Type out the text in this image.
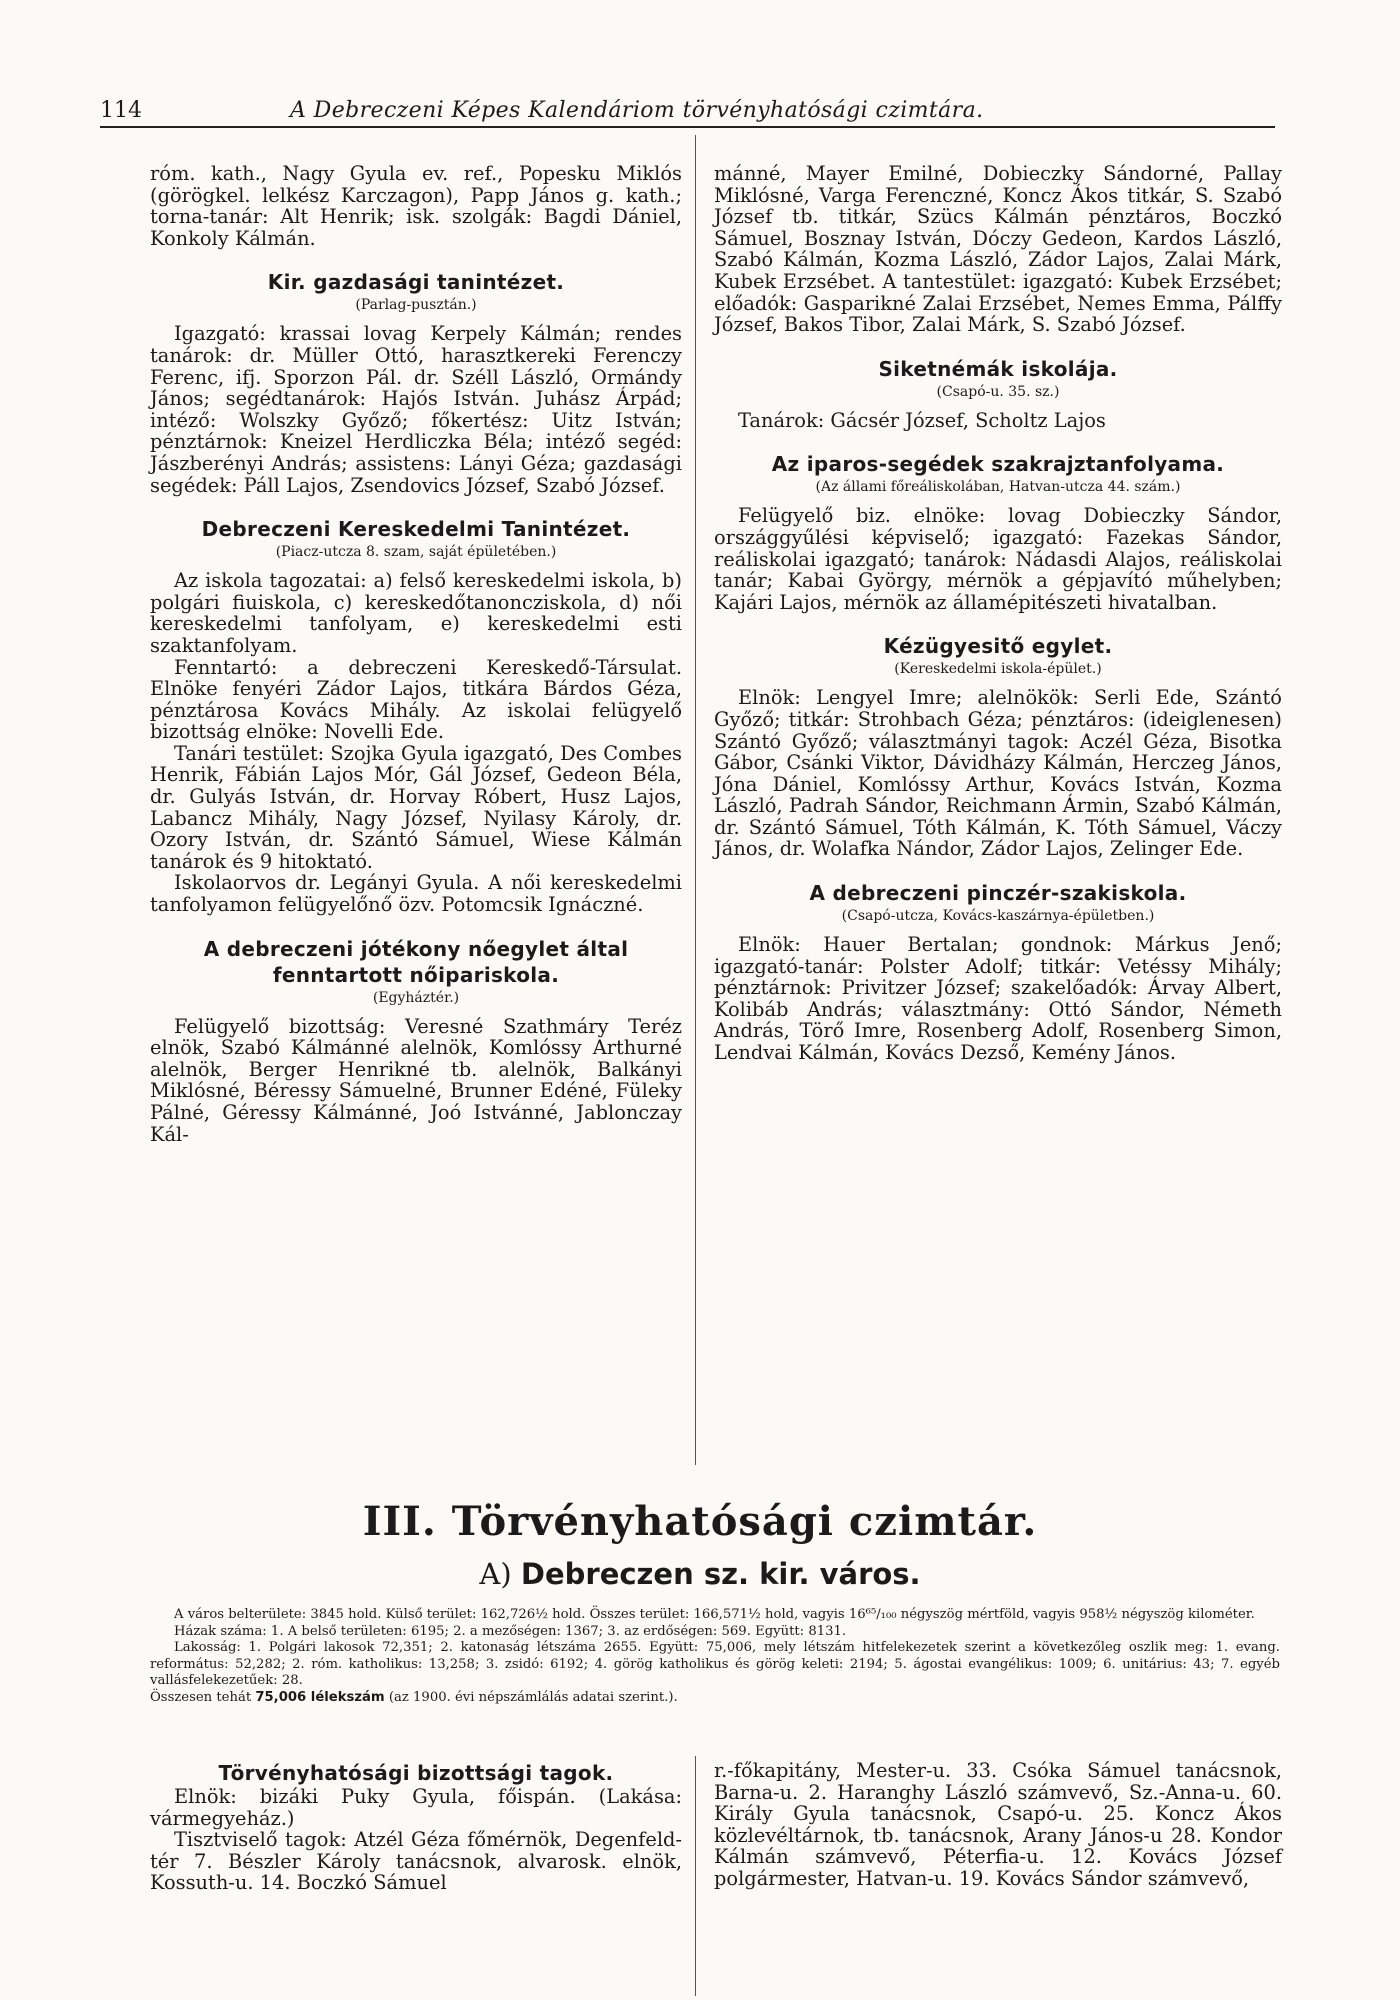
114	A Debreczeni Képes Kalendáriom törvényhatósági czimtára.

róm. kath., Nagy Gyula ev. ref., Popesku Miklós (görögkel. lelkész Karczagon), Papp János g. kath.; torna-tanár: Alt Henrik; isk. szolgák: Bagdi Dániel, Konkoly Kálmán.

Kir. gazdasági tanintézet.
(Parlag-pusztán.)

Igazgató: krassai lovag Kerpely Kálmán; rendes tanárok: dr. Müller Ottó, harasztkereki Ferenczy Ferenc, ifj. Sporzon Pál. dr. Széll László, Ormándy János; segédtanárok: Hajós István. Juhász Árpád; intéző: Wolszky Győző; főkertész: Uitz István; pénztárnok: Kneizel Herdliczka Béla; intéző segéd: Jászberényi András; assistens: Lányi Géza; gazdasági segédek: Páll Lajos, Zsendovics József, Szabó József.

Debreczeni Kereskedelmi Tanintézet.
(Piacz-utcza 8. szam, saját épületében.)

Az iskola tagozatai: a) felső kereskedelmi iskola, b) polgári fiuiskola, c) kereskedőtanoncziskola, d) női kereskedelmi tanfolyam, e) kereskedelmi esti szaktanfolyam.

Fenntartó: a debreczeni Kereskedő-Társulat. Elnöke fenyéri Zádor Lajos, titkára Bárdos Géza, pénztárosa Kovács Mihály. Az iskolai felügyelő bizottság elnöke: Novelli Ede.

Tanári testület: Szojka Gyula igazgató, Des Combes Henrik, Fábián Lajos Mór, Gál József, Gedeon Béla, dr. Gulyás István, dr. Horvay Róbert, Husz Lajos, Labancz Mihály, Nagy József, Nyilasy Károly, dr. Ozory István, dr. Szántó Sámuel, Wiese Kálmán tanárok és 9 hitoktató.

Iskolaorvos dr. Legányi Gyula. A női kereskedelmi tanfolyamon felügyelőnő özv. Potomcsik Ignáczné.

A debreczeni jótékony nőegylet által fenntartott nőipariskola.
(Egyháztér.)

Felügyelő bizottság: Veresné Szathmáry Teréz elnök, Szabó Kálmánné alelnök, Komlóssy Arthurné alelnök, Berger Henrikné tb. alelnök, Balkányi Miklósné, Béressy Sámuelné, Brunner Edéné, Füleky Pálné, Géressy Kálmánné, Joó Istvánné, Jablonczay Kál-

mánné, Mayer Emilné, Dobieczky Sándorné, Pallay Miklósné, Varga Ferenczné, Koncz Ákos titkár, S. Szabó József tb. titkár, Szücs Kálmán pénztáros, Boczkó Sámuel, Bosznay István, Dóczy Gedeon, Kardos László, Szabó Kálmán, Kozma László, Zádor Lajos, Zalai Márk, Kubek Erzsébet. A tantestület: igazgató: Kubek Erzsébet; előadók: Gasparikné Zalai Erzsébet, Nemes Emma, Pálffy József, Bakos Tibor, Zalai Márk, S. Szabó József.

Siketnémák iskolája.
(Csapó-u. 35. sz.)

Tanárok: Gácsér József, Scholtz Lajos

Az iparos-segédek szakrajztanfolyama.
(Az állami főreáliskolában, Hatvan-utcza 44. szám.)

Felügyelő biz. elnöke: lovag Dobieczky Sándor, országgyűlési képviselő; igazgató: Fazekas Sándor, reáliskolai igazgató; tanárok: Nádasdi Alajos, reáliskolai tanár; Kabai György, mérnök a gépjavító műhelyben; Kajári Lajos, mérnök az államépitészeti hivatalban.

Kézügyesitő egylet.
(Kereskedelmi iskola-épület.)

Elnök: Lengyel Imre; alelnökök: Serli Ede, Szántó Győző; titkár: Strohbach Géza; pénztáros: (ideiglenesen) Szántó Győző; választmányi tagok: Aczél Géza, Bisotka Gábor, Csánki Viktor, Dávidházy Kálmán, Herczeg János, Jóna Dániel, Komlóssy Arthur, Kovács István, Kozma László, Padrah Sándor, Reichmann Ármin, Szabó Kálmán, dr. Szántó Sámuel, Tóth Kálmán, K. Tóth Sámuel, Váczy János, dr. Wolafka Nándor, Zádor Lajos, Zelinger Ede.

A debreczeni pinczér-szakiskola.
(Csapó-utcza, Kovács-kaszárnya-épületben.)

Elnök: Hauer Bertalan; gondnok: Márkus Jenő; igazgató-tanár: Polster Adolf; titkár: Vetéssy Mihály; pénztárnok: Privitzer József; szakelőadók: Árvay Albert, Kolibáb András; választmány: Ottó Sándor, Németh András, Törő Imre, Rosenberg Adolf, Rosenberg Simon, Lendvai Kálmán, Kovács Dezső, Kemény János.

III. Törvényhatósági czimtár.
A) Debreczen sz. kir. város.

A város belterülete: 3845 hold. Külső terület: 162,726½ hold. Összes terület: 166,571½ hold, vagyis 16⁶⁵/₁₀₀ négyszög mértföld, vagyis 958½ négyszög kilométer.

Házak száma: 1. A belső területen: 6195; 2. a mezőségen: 1367; 3. az erdőségen: 569. Együtt: 8131.

Lakosság: 1. Polgári lakosok 72,351; 2. katonaság létszáma 2655. Együtt: 75,006, mely létszám hitfelekezetek szerint a következőleg oszlik meg: 1. evang. református: 52,282; 2. róm. katholikus: 13,258; 3. zsidó: 6192; 4. görög katholikus és görög keleti: 2194; 5. ágostai evangélikus: 1009; 6. unitárius: 43; 7. egyéb vallásfelekezetűek: 28.

Összesen tehát 75,006 lélekszám (az 1900. évi népszámlálás adatai szerint.).

Törvényhatósági bizottsági tagok.

Elnök: bizáki Puky Gyula, főispán. (Lakása: vármegyeház.)

Tisztviselő tagok: Atzél Géza főmérnök, Degenfeld-tér 7. Bészler Károly tanácsnok, alvarosk. elnök, Kossuth-u. 14. Boczkó Sámuel

r.-főkapitány, Mester-u. 33. Csóka Sámuel tanácsnok, Barna-u. 2. Haranghy László számvevő, Sz.-Anna-u. 60. Király Gyula tanácsnok, Csapó-u. 25. Koncz Ákos közlevéltárnok, tb. tanácsnok, Arany János-u 28. Kondor Kálmán számvevő, Péterfia-u. 12. Kovács József polgármester, Hatvan-u. 19. Kovács Sándor számvevő,
